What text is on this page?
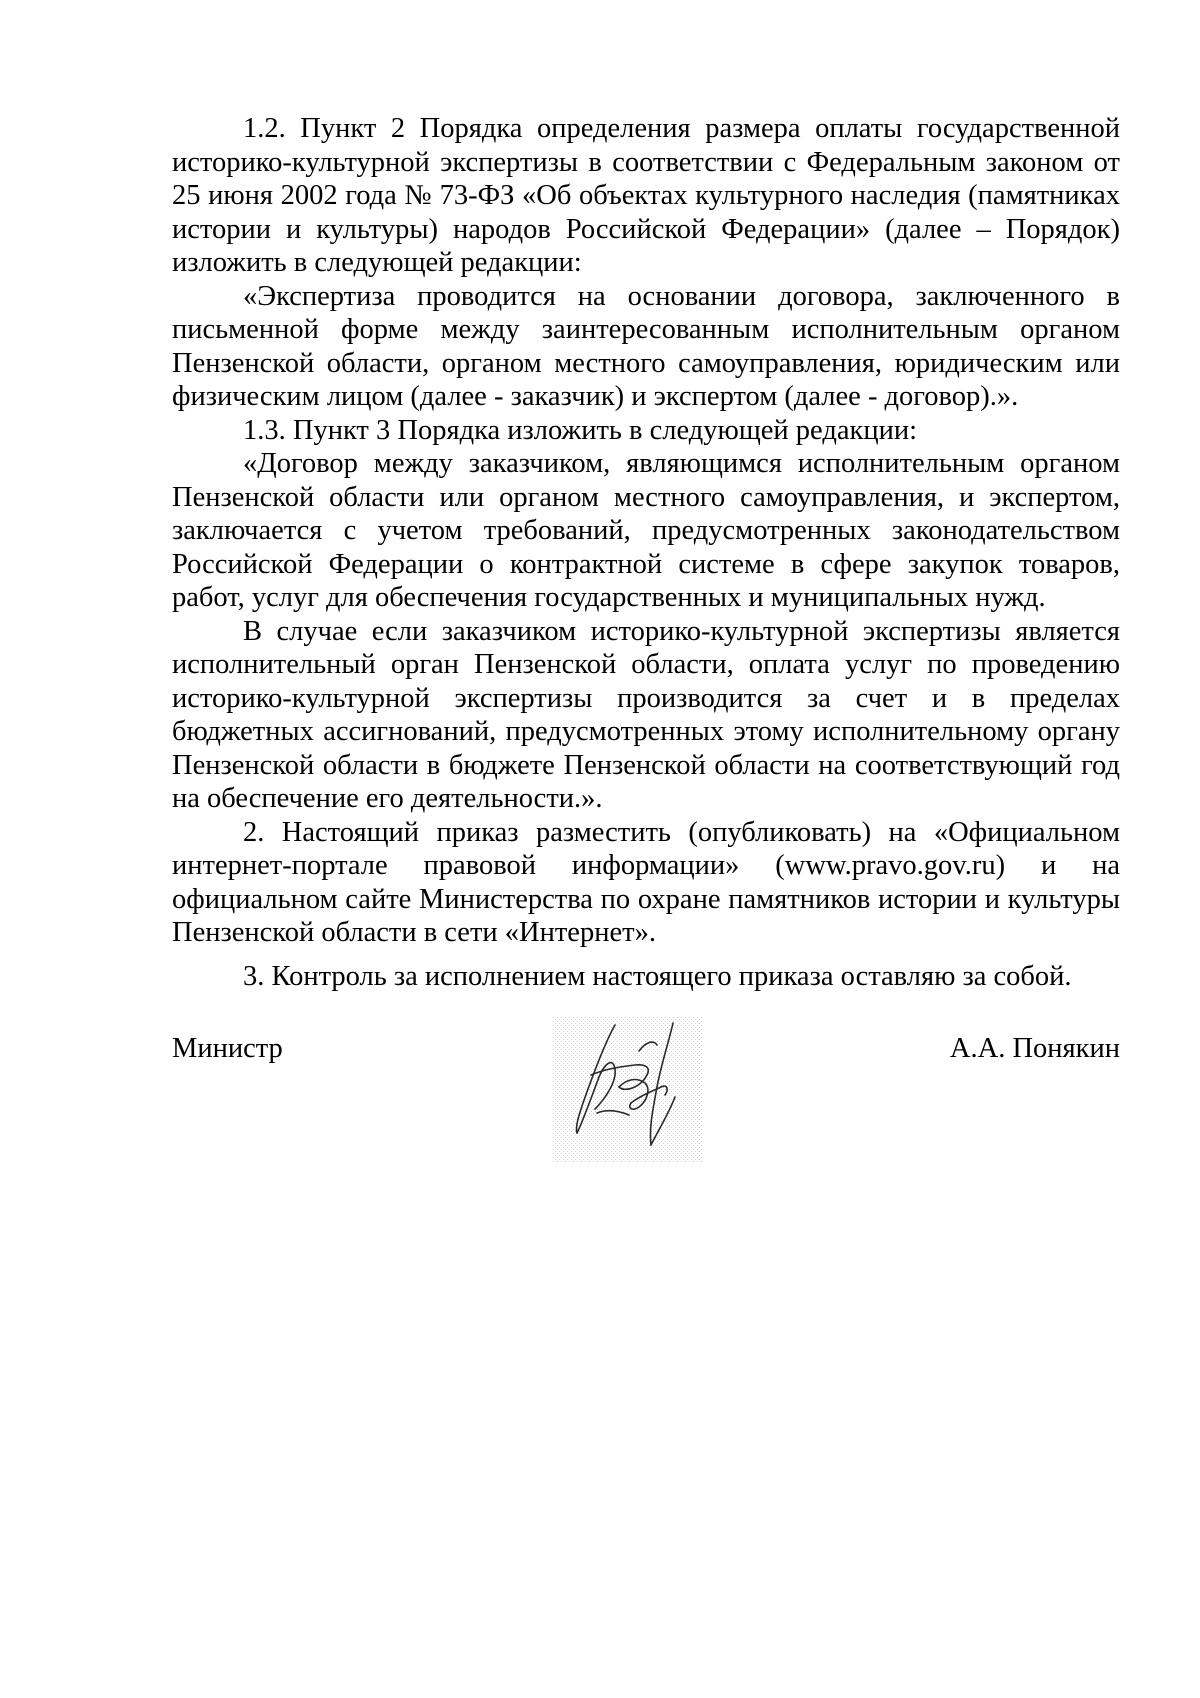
1.2. Пункт 2 Порядка определения размера оплаты государственной историко-культурной экспертизы в соответствии с Федеральным законом от 25 июня 2002 года № 73-ФЗ «Об объектах культурного наследия (памятниках истории и культуры) народов Российской Федерации» (далее – Порядок) изложить в следующей редакции:

«Экспертиза проводится на основании договора, заключенного в письменной форме между заинтересованным исполнительным органом Пензенской области, органом местного самоуправления, юридическим или физическим лицом (далее - заказчик) и экспертом (далее - договор).».

1.3. Пункт 3 Порядка изложить в следующей редакции:

«Договор между заказчиком, являющимся исполнительным органом Пензенской области или органом местного самоуправления, и экспертом, заключается с учетом требований, предусмотренных законодательством Российской Федерации о контрактной системе в сфере закупок товаров, работ, услуг для обеспечения государственных и муниципальных нужд.

В случае если заказчиком историко-культурной экспертизы является исполнительный орган Пензенской области, оплата услуг по проведению историко-культурной экспертизы производится за счет и в пределах бюджетных ассигнований, предусмотренных этому исполнительному органу Пензенской области в бюджете Пензенской области на соответствующий год на обеспечение его деятельности.».

2. Настоящий приказ разместить (опубликовать) на «Официальном интернет-портале правовой информации» (www.pravo.gov.ru) и на официальном сайте Министерства по охране памятников истории и культуры Пензенской области в сети «Интернет».

3. Контроль за исполнением настоящего приказа оставляю за собой.

Министр	А.А. Понякин
